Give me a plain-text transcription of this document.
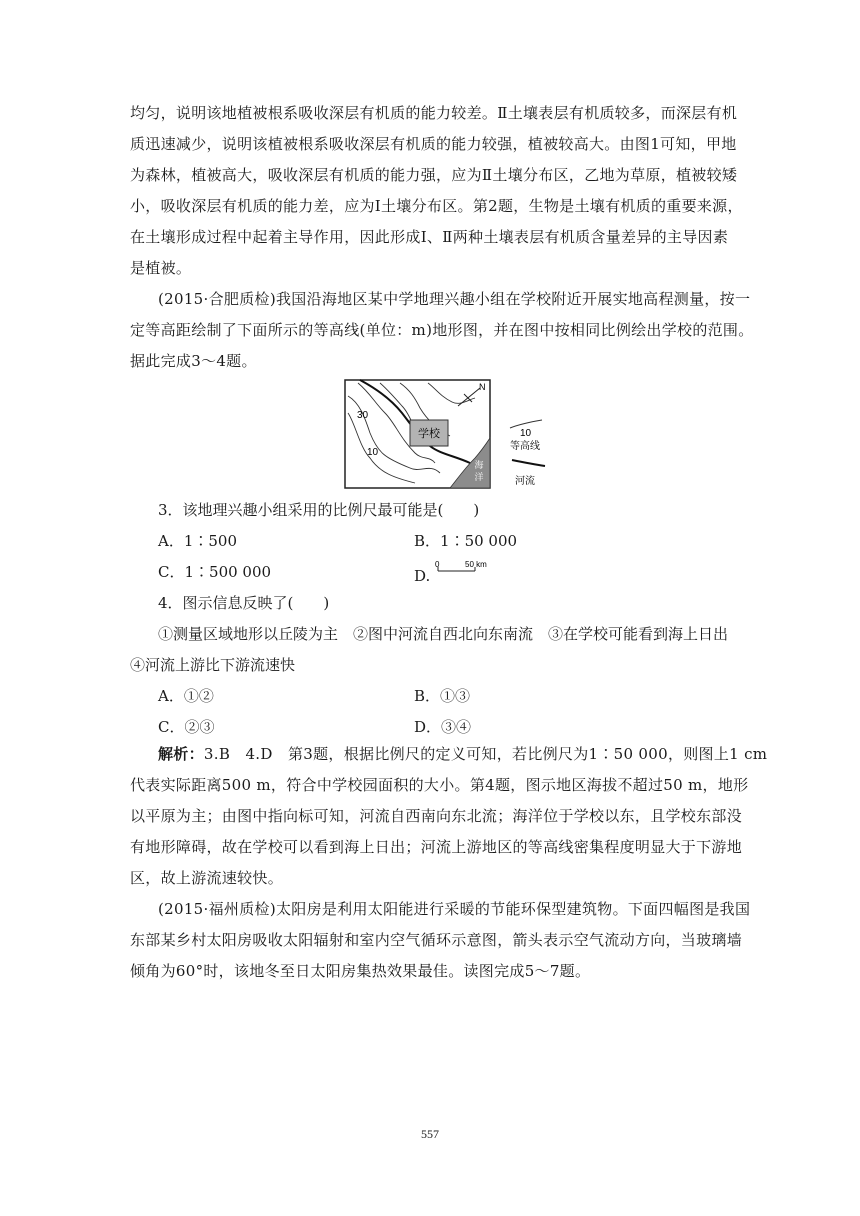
均匀，说明该地植被根系吸收深层有机质的能力较差。Ⅱ土壤表层有机质较多，而深层有机
质迅速减少，说明该植被根系吸收深层有机质的能力较强，植被较高大。由图1可知，甲地
为森林，植被高大，吸收深层有机质的能力强，应为Ⅱ土壤分布区，乙地为草原，植被较矮
小，吸收深层有机质的能力差，应为Ⅰ土壤分布区。第2题，生物是土壤有机质的重要来源，
在土壤形成过程中起着主导作用，因此形成Ⅰ、Ⅱ两种土壤表层有机质含量差异的主导因素
是植被。
(2015·合肥质检)我国沿海地区某中学地理兴趣小组在学校附近开展实地高程测量，按一
定等高距绘制了下面所示的等高线(单位：m)地形图，并在图中按相同比例绘出学校的范围。
据此完成3～4题。
学校
海
洋
30
10
N
10
等高线
河流
3．该地理兴趣小组采用的比例尺最可能是(　　)
A．1∶500	B．1∶50 000
C．1∶500 000	D.
0	50 km
4．图示信息反映了(　　)
①测量区域地形以丘陵为主　②图中河流自西北向东南流　③在学校可能看到海上日出
④河流上游比下游流速快
A．①②	B．①③
C．②③	D．③④
解析：3.B　4.D　第3题，根据比例尺的定义可知，若比例尺为1∶50 000，则图上1 cm
代表实际距离500 m，符合中学校园面积的大小。第4题，图示地区海拔不超过50 m，地形
以平原为主；由图中指向标可知，河流自西南向东北流；海洋位于学校以东，且学校东部没
有地形障碍，故在学校可以看到海上日出；河流上游地区的等高线密集程度明显大于下游地
区，故上游流速较快。
(2015·福州质检)太阳房是利用太阳能进行采暖的节能环保型建筑物。下面四幅图是我国
东部某乡村太阳房吸收太阳辐射和室内空气循环示意图，箭头表示空气流动方向，当玻璃墙
倾角为60°时，该地冬至日太阳房集热效果最佳。读图完成5～7题。
557
